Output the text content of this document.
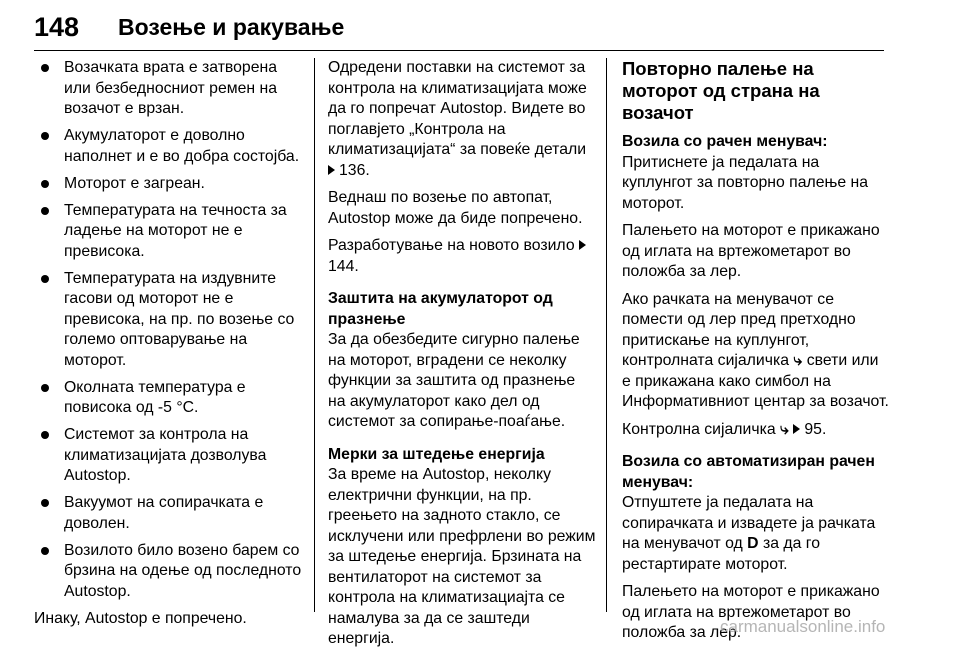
148 Возење и ракување
Возачката врата е затворена или безбедносниот ремен на возачот е врзан.
Акумулаторот е доволно наполнет и е во добра состојба.
Моторот е загреан.
Температурата на течноста за ладење на моторот не е превисока.
Температурата на издувните гасови од моторот не е превисока, на пр. по возење со големо оптоварување на моторот.
Околната температура е повисока од -5 °C.
Системот за контрола на климатизацијата дозволува Autostop.
Вакуумот на сопирачката е доволен.
Возилото било возено барем со брзина на одење од последното Autostop.

Инаку, Autostop е попречено.

Одредени поставки на системот за контрола на климатизацијата може да го попречат Autostop. Видете во поглавјето „Контрола на климатизацијата“ за повеќе детали 136.

Веднаш по возење по автопат, Autostop може да биде попречено.

Разработување на новото возило 144.

Заштита на акумулаторот од празнење

За да обезбедите сигурно палење на моторот, вградени се неколку функции за заштита од празнење на акумулаторот како дел од системот за сопирање-поаѓање.

Мерки за штедење енергија

За време на Autostop, неколку електрични функции, на пр. греењето на задното стакло, се исклучени или префрлени во режим за штедење енергија. Брзината на вентилаторот на системот за контрола на климатизациајта се намалува за да се заштеди енергија.

Повторно палење на моторот од страна на возачот

Возила со рачен менувач:

Притиснете ја педалата на куплунгот за повторно палење на моторот.

Палењето на моторот е прикажано од иглата на вртежометарот во положба за лер.

Ако рачката на менувачот се помести од лер пред претходно притискање на куплунгот, контролната сијаличка ⤷ свети или е прикажана како симбол на Информативниот центар за возачот.

Контролна сијаличка ⤷ 95.

Возила со автоматизиран рачен менувач:

Отпуштете ја педалата на сопирачката и извадете ја рачката на менувачот од D за да го рестартирате моторот.

Палењето на моторот е прикажано од иглата на вртежометарот во положба за лер.

carmanualsonline.info
